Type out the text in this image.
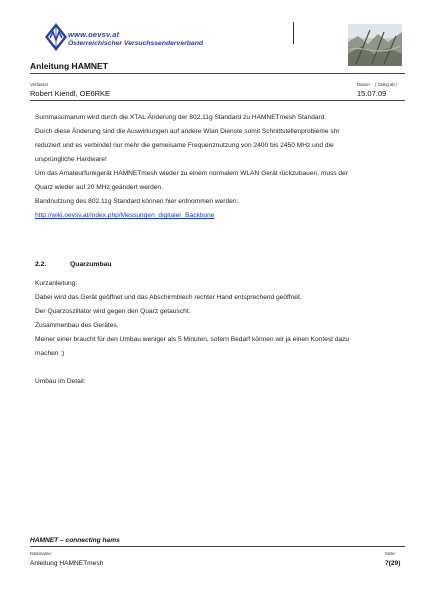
www.oevsv.at
Österreichischer Versuchssenderverband
Anleitung HAMNET
Verfasser	Datum ( Gültig ab )
Robert Kiendl, OE6RKE	15.07.09
Summasumarum wird durch die XTAL Änderung der 802.11g Standard zu HAMNETmesh Standard.
Durch diese Änderung sind die Auswirkungen auf andere Wlan Dienste somit Schnittstellenprobleme shr
reduziert und es verbindet nur mehr die gemeisame Frequenznutzung von 2400 bis 2450 MHz und die
ursprüngliche Hardware!
Um das Amateurfunkgerät HAMNETmesh wieder zu einem normalem WLAN Gerät rückzubauen, muss der
Quarz wieder auf 20 MHz geändert werden.
Bandnutzung des 802.11g Standard können hier entnommen werden:
http://wiki.oevsv.at/index.php/Messungen_digitaler_Backbone
2.2.	Quarzumbau
Kurzanleitung:
Dabei wird das Gerät geöffnet und das Abschirmblech rechter Hand entsprechend geöffnet.
Der Quarzoszillator wird gegen den Quarz getauscht.
Zusammenbau des Gerätes.
Meiner einer braucht für den Umbau weniger als 5 Minuten, sofern Bedarf können wir ja einen Kontest dazu
machen ;)
Umbau im Detail:
HAMNET – connecting hams
Dateiname:	Seite:
Anleitung HAMNETmesh	7(29)
